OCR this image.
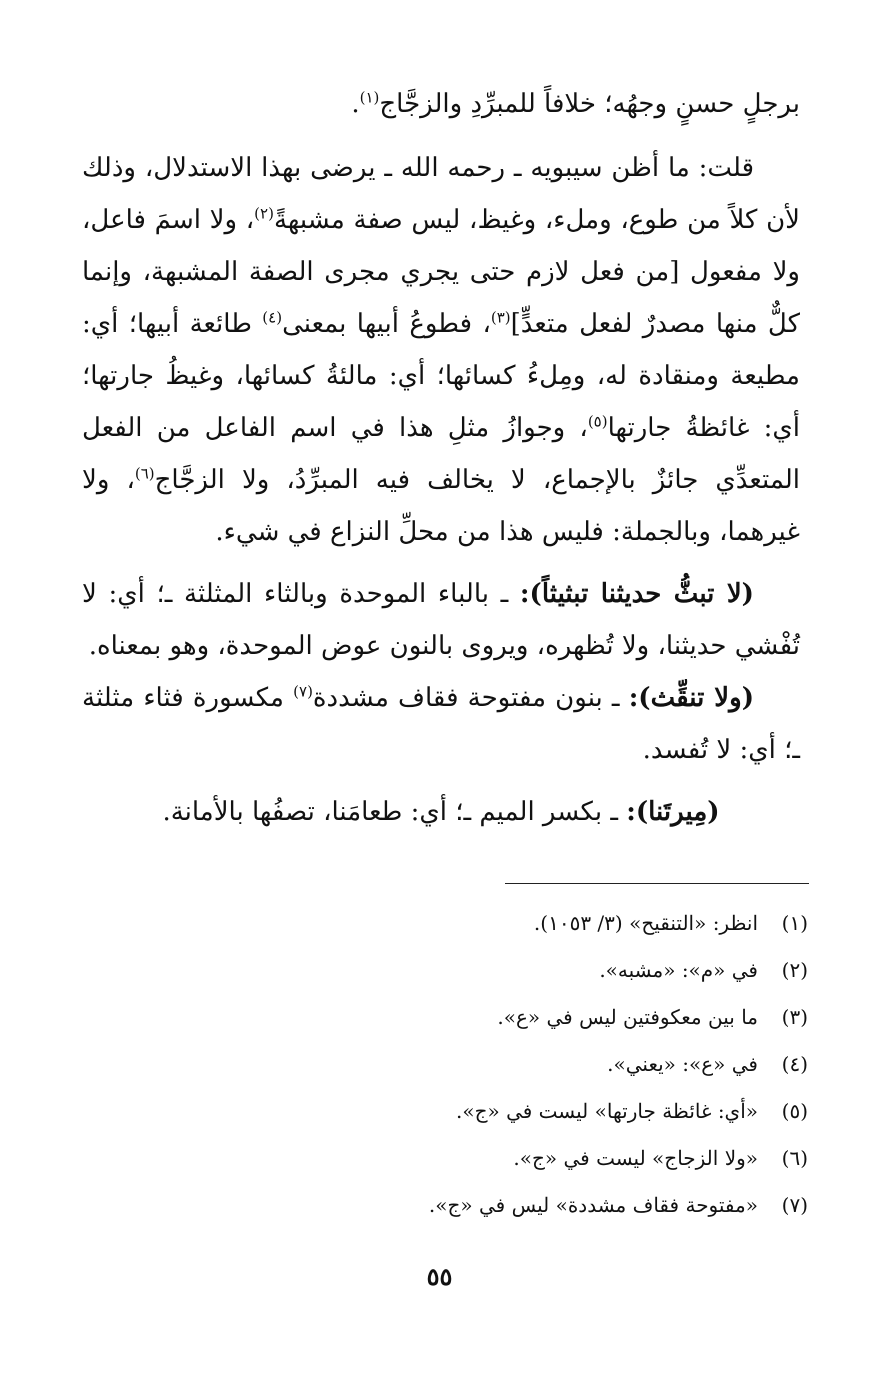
برجلٍ حسنٍ وجهُه؛ خلافاً للمبرِّدِ والزجَّاج$^{(١)}$.

قلت: ما أظن سيبويه ـ رحمه الله ـ يرضى بهذا الاستدلال، وذلك لأن كلاً من طوع، وملء، وغيظ، ليس صفة مشبهةً$^{(٢)}$، ولا اسمَ فاعل، ولا مفعول [من فعل لازم حتى يجري مجرى الصفة المشبهة، وإنما كلٌّ منها مصدرٌ لفعل متعدٍّ]$^{(٣)}$، فطوعُ أبيها بمعنى$^{(٤)}$ طائعة أبيها؛ أي: مطيعة ومنقادة له، ومِلءُ كسائها؛ أي: مالئةُ كسائها، وغيظُ جارتها؛ أي: غائظةُ جارتها$^{(٥)}$، وجوازُ مثلِ هذا في اسم الفاعل من الفعل المتعدِّي جائزٌ بالإجماع، لا يخالف فيه المبرِّدُ، ولا الزجَّاج$^{(٦)}$، ولا غيرهما، وبالجملة: فليس هذا من محلِّ النزاع في شيء.

(لا تبثُّ حديثنا تبثيثاً): ـ بالباء الموحدة وبالثاء المثلثة ـ؛ أي: لا تُفْشي حديثنا، ولا تُظهره، ويروى بالنون عوض الموحدة، وهو بمعناه.

(ولا تنقِّث): ـ بنون مفتوحة فقاف مشددة$^{(٧)}$ مكسورة فثاء مثلثة ـ؛ أي: لا تُفسد.

(مِيرتَنا): ـ بكسر الميم ـ؛ أي: طعامَنا، تصفُها بالأمانة.

(١)انظر: «التنقيح» (٣/ ١٠٥٣).

(٢)في «م»: «مشبه».

(٣)ما بين معكوفتين ليس في «ع».

(٤)في «ع»: «يعني».

(٥)«أي: غائظة جارتها» ليست في «ج».

(٦)«ولا الزجاج» ليست في «ج».

(٧)«مفتوحة فقاف مشددة» ليس في «ج».

٥٥
